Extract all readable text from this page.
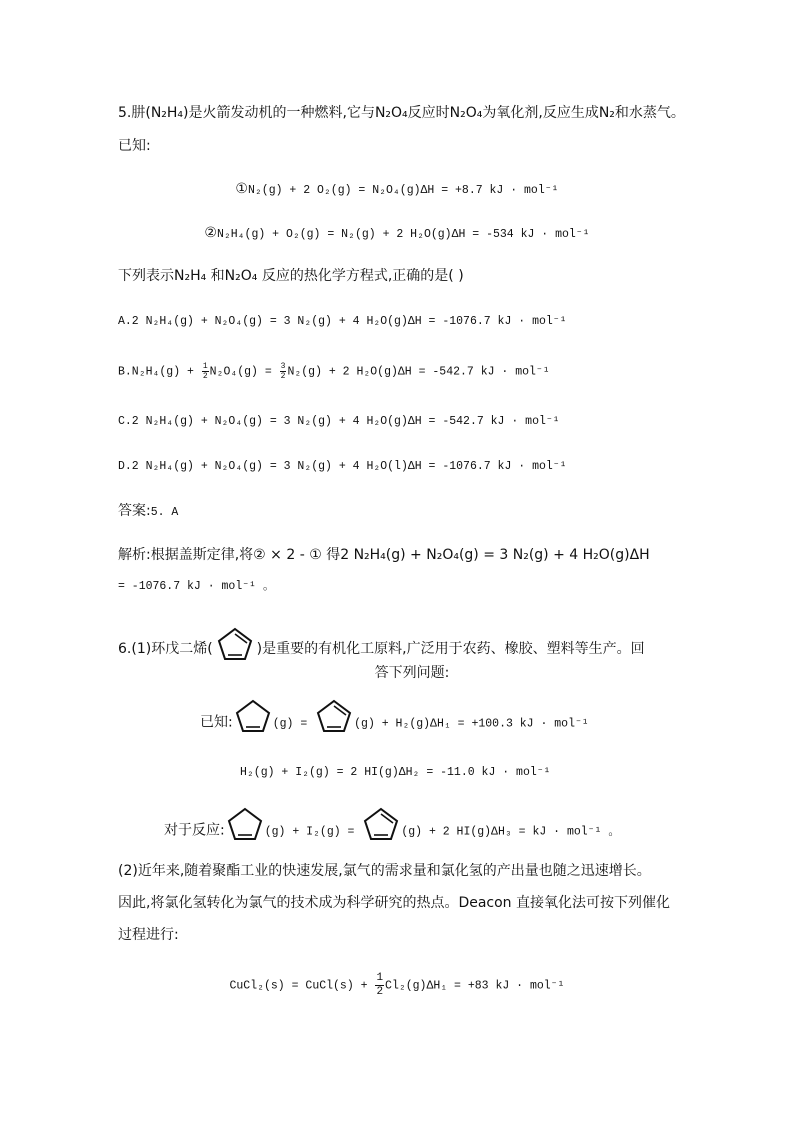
5.肼(N₂H₄)是火箭发动机的一种燃料,它与N₂O₄反应时N₂O₄为氧化剂,反应生成N₂和水蒸气。
已知:
①N₂(g) + 2 O₂(g) = N₂O₄(g)ΔH = +8.7 kJ · mol⁻¹
②N₂H₄(g) + O₂(g) = N₂(g) + 2 H₂O(g)ΔH = -534 kJ · mol⁻¹
下列表示N₂H₄ 和N₂O₄ 反应的热化学方程式,正确的是( )
A.2 N₂H₄(g) + N₂O₄(g) = 3 N₂(g) + 4 H₂O(g)ΔH = -1076.7 kJ · mol⁻¹
$B.N_2H_4(g) + \frac{1}{2} N_2O_4(g) = \frac{3}{2} N_2(g) + 2$ H₂O(g)ΔH = -542.7 kJ · mol⁻¹
C.2 N₂H₄(g) + N₂O₄(g) = 3 N₂(g) + 4 H₂O(g)ΔH = -542.7 kJ · mol⁻¹
D.2 N₂H₄(g) + N₂O₄(g) = 3 N₂(g) + 4 H₂O(l)ΔH = -1076.7 kJ · mol⁻¹
答案:5. A
解析:根据盖斯定律,将② × 2 - ① 得2 N₂H₄(g) + N₂O₄(g) = 3 N₂(g) + 4 H₂O(g)ΔH
= -1076.7 kJ · mol⁻¹ 。
6.(1)环戊二烯(	)是重要的有机化工原料,广泛用于农药、橡胶、塑料等生产。回
答下列问题:
已知:	(g) =	(g) + H₂(g)ΔH₁ = +100.3 kJ · mol⁻¹
H₂(g) + I₂(g) = 2 HI(g)ΔH₂ = -11.0 kJ · mol⁻¹
对于反应:	(g) + I₂(g) =	(g) + 2 HI(g)ΔH₃ = kJ · mol⁻¹ 。
(2)近年来,随着聚酯工业的快速发展,氯气的需求量和氯化氢的产出量也随之迅速增长。
因此,将氯化氢转化为氯气的技术成为科学研究的热点。Deacon 直接氧化法可按下列催化
过程进行:
CuCl₂(s) = CuCl(s) + $\frac{1}{2} Cl_2(g)\Delta H_1 = +83$ kJ · mol⁻¹
